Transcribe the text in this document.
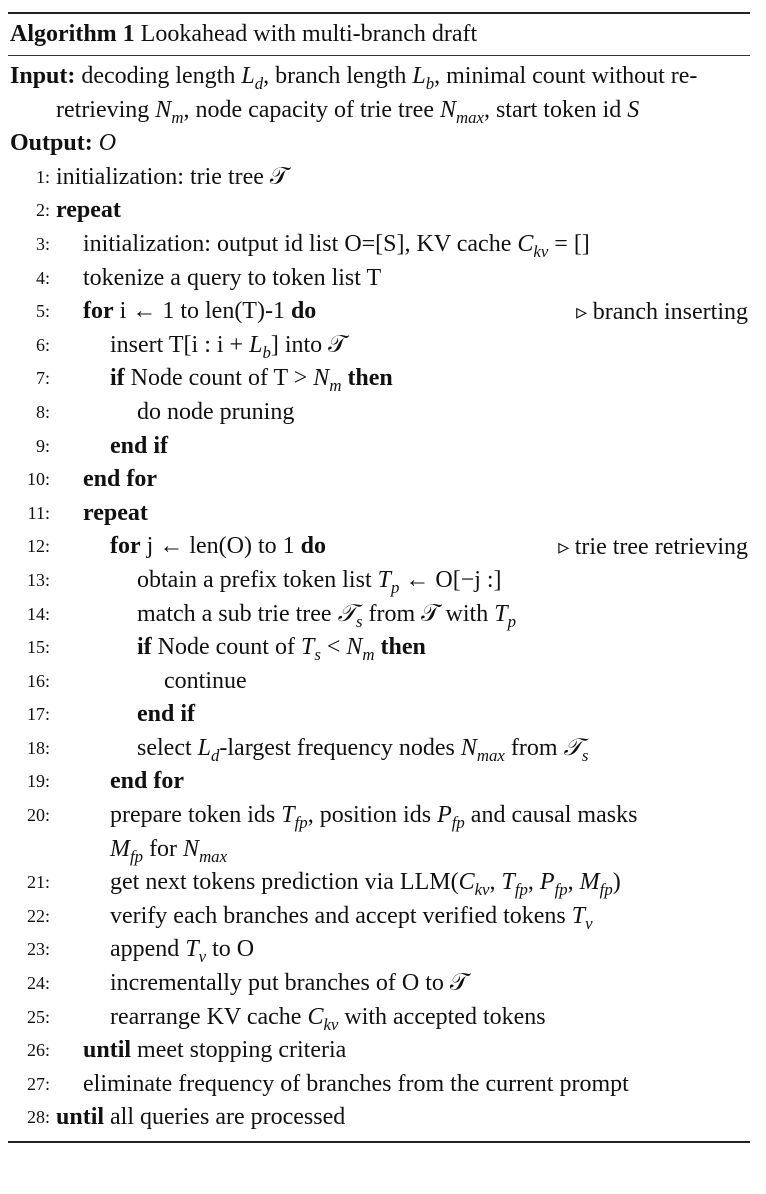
Algorithm 1 Lookahead with multi-branch draft
Input: decoding length $L_d$, branch length $L_b$, minimal count without re-retrieving $N_m$, node capacity of trie tree $N_{max}$, start token id S
Output: O
1 : initialization: trie tree 𝒯
2 : repeat
3 :	initialization: output id list O=[S], KV cache $C_{kv}$ = []
4 :	tokenize a query to token list T
5 :	for i ← 1 to len(T)-1 do	▹ branch inserting
6 :	insert T[i : $i + L_b$] into 𝒯
7 :	if Node count of $T > N_m$ then
8 :	do node pruning
9 :	end if
10 :	end for
11 :	repeat
12 :	for j ← len(O) to 1 do	▹ trie tree retrieving
13 :	obtain a prefix token list $T_p$ ← O[−j :]
14 :	match a sub trie tree 𝒯$_s$ from 𝒯 with $T_p$
15 :	if Node count of $T_s < N_m$ then
16 :	continue
17 :	end if
18 :	select $L_d$-largest frequency nodes $N_{max}$ from 𝒯$_s$
19 :	end for
20 :	prepare token ids $T_{fp}$, position ids $P_{fp}$ and causal masks
$M_{fp}$ for $N_{max}$
21 :	get next tokens prediction via $LLM(C_{kv}$, $T_{fp}$, $P_{fp}$, $M_{fp}$)
22 :	verify each branches and accept verified tokens $T_v$
23 :	append $T_v$ to O
24 :	incrementally put branches of O to 𝒯
25 :	rearrange KV cache $C_{kv}$ with accepted tokens
26 :	until meet stopping criteria
27 :	eliminate frequency of branches from the current prompt
28 : until all queries are processed
